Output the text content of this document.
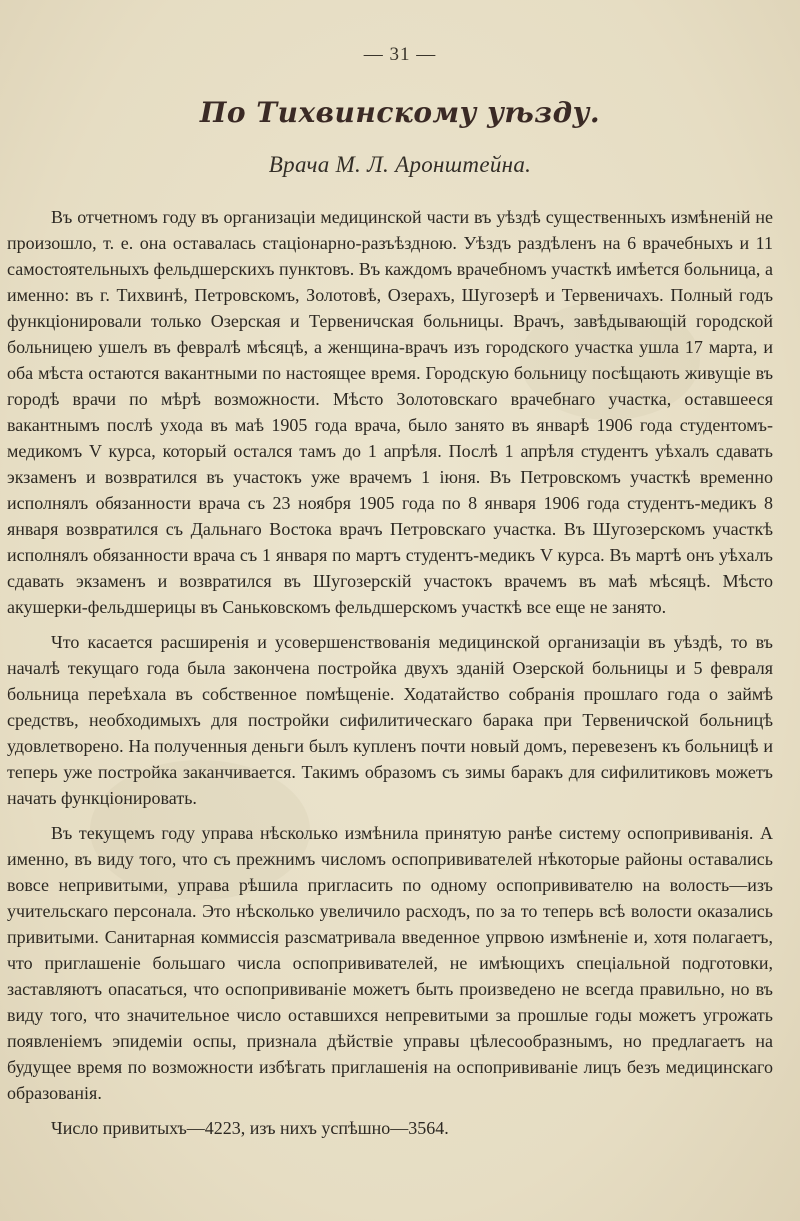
— 31 —
По Тихвинскому уѣзду.
Врача М. Л. Аронштейна.

Въ отчетномъ году въ организаціи медицинской части въ уѣздѣ существенныхъ измѣненій не произошло, т. е. она оставалась стаціонарно-разъѣздною. Уѣздъ раздѣленъ на 6 врачебныхъ и 11 самостоятельныхъ фельдшерскихъ пунктовъ. Въ каждомъ врачебномъ участкѣ имѣется больница, а именно: въ г. Тихвинѣ, Петровскомъ, Золотовѣ, Озерахъ, Шугозерѣ и Тервеничахъ. Полный годъ функціонировали только Озерская и Тервеничская больницы. Врачъ, завѣдывающій городской больницею ушелъ въ февралѣ мѣсяцѣ, а женщина-врачъ изъ городского участка ушла 17 марта, и оба мѣста остаются вакантными по настоящее время. Городскую больницу посѣщають живущіе въ городѣ врачи по мѣрѣ возможности. Мѣсто Золотовскаго врачебнаго участка, оставшееся вакантнымъ послѣ ухода въ маѣ 1905 года врача, было занято въ январѣ 1906 года студентомъ-медикомъ V курса, который остался тамъ до 1 апрѣля. Послѣ 1 апрѣля студентъ уѣхалъ сдавать экзаменъ и возвратился въ участокъ уже врачемъ 1 іюня. Въ Петровскомъ участкѣ временно исполнялъ обязанности врача съ 23 ноября 1905 года по 8 января 1906 года студентъ-медикъ 8 января возвратился съ Дальнаго Востока врачъ Петровскаго участка. Въ Шугозерскомъ участкѣ исполнялъ обязанности врача съ 1 января по мартъ студентъ-медикъ V курса. Въ мартѣ онъ уѣхалъ сдавать экзаменъ и возвратился въ Шугозерскій участокъ врачемъ въ маѣ мѣсяцѣ. Мѣсто акушерки-фельдшерицы въ Саньковскомъ фельдшерскомъ участкѣ все еще не занято.

Что касается расширенія и усовершенствованія медицинской организаціи въ уѣздѣ, то въ началѣ текущаго года была закончена постройка двухъ зданій Озерской больницы и 5 февраля больница переѣхала въ собственное помѣщеніе. Ходатайство собранія прошлаго года о займѣ средствъ, необходимыхъ для постройки сифилитическаго барака при Тервеничской больницѣ удовлетворено. На полученныя деньги былъ купленъ почти новый домъ, перевезенъ къ больницѣ и теперь уже постройка заканчивается. Такимъ образомъ съ зимы баракъ для сифилитиковъ можетъ начать функціонировать.

Въ текущемъ году управа нѣсколько измѣнила принятую ранѣе систему оспопрививанія. А именно, въ виду того, что съ прежнимъ числомъ оспопрививателей нѣкоторые районы оставались вовсе непривитыми, управа рѣшила пригласить по одному оспопрививателю на волость—изъ учительскаго персонала. Это нѣсколько увеличило расходъ, по за то теперь всѣ волости оказались привитыми. Санитарная коммиссія разсматривала введенное упрвою измѣненіе и, хотя полагаетъ, что приглашеніе большаго числа оспопрививателей, не имѣющихъ спеціальной подготовки, заставляютъ опасаться, что оспопрививаніе можетъ быть произведено не всегда правильно, но въ виду того, что значительное число оставшихся непревитыми за прошлые годы можетъ угрожать появленіемъ эпидеміи оспы, признала дѣйствіе управы цѣлесообразнымъ, но предлагаетъ на будущее время по возможности избѣгать приглашенія на оспопрививаніе лицъ безъ медицинскаго образованія.

Число привитыхъ—4223, изъ нихъ успѣшно—3564.
